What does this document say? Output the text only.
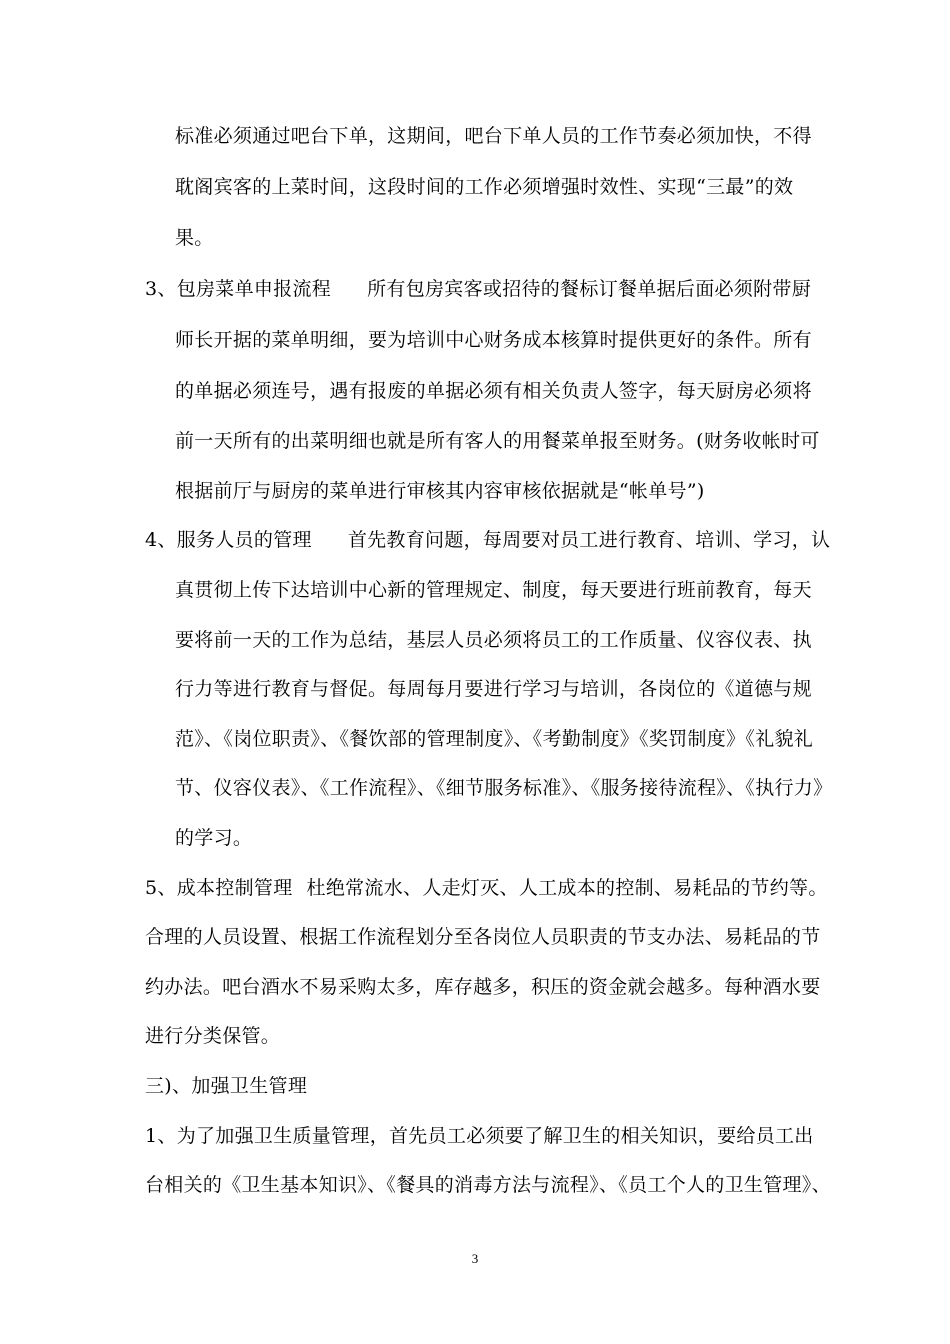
标准必须通过吧台下单，这期间，吧台下单人员的工作节奏必须加快，不得
耽阁宾客的上菜时间，这段时间的工作必须增强时效性、实现“三最”的效
果。
3、包房菜单申报流程 所有包房宾客或招待的餐标订餐单据后面必须附带厨
师长开据的菜单明细，要为培训中心财务成本核算时提供更好的条件。所有
的单据必须连号，遇有报废的单据必须有相关负责人签字，每天厨房必须将
前一天所有的出菜明细也就是所有客人的用餐菜单报至财务。(财务收帐时可
根据前厅与厨房的菜单进行审核其内容审核依据就是“帐单号”)
4、服务人员的管理 首先教育问题，每周要对员工进行教育、培训、学习，认
真贯彻上传下达培训中心新的管理规定、制度，每天要进行班前教育，每天
要将前一天的工作为总结，基层人员必须将员工的工作质量、仪容仪表、执
行力等进行教育与督促。每周每月要进行学习与培训，各岗位的《道德与规
范》、《岗位职责》、《餐饮部的管理制度》、《考勤制度》《奖罚制度》《礼貌礼
节、仪容仪表》、《工作流程》、《细节服务标准》、《服务接待流程》、《执行力》
的学习。
5、成本控制管理 杜绝常流水、人走灯灭、人工成本的控制、易耗品的节约等。
合理的人员设置、根据工作流程划分至各岗位人员职责的节支办法、易耗品的节
约办法。吧台酒水不易采购太多，库存越多，积压的资金就会越多。每种酒水要
进行分类保管。
三)、加强卫生管理
1、为了加强卫生质量管理，首先员工必须要了解卫生的相关知识，要给员工出
台相关的《卫生基本知识》、《餐具的消毒方法与流程》、《员工个人的卫生管理》、
3
